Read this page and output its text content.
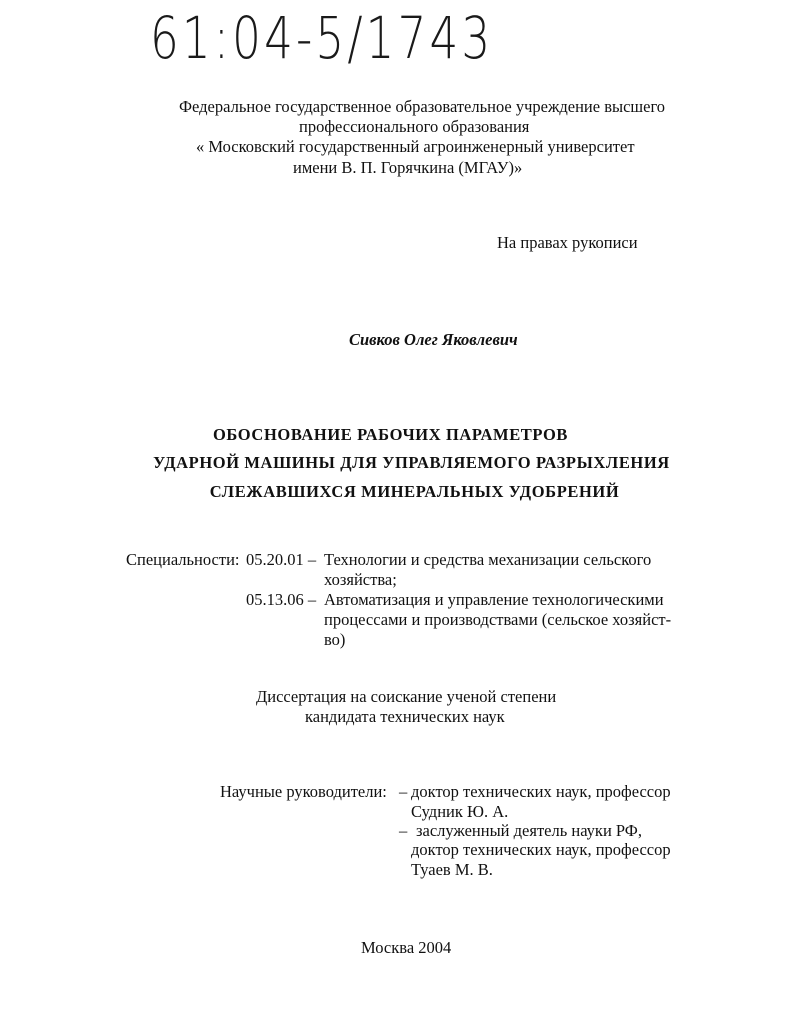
61:04-5/1743
Федеральное государственное образовательное учреждение высшего
профессионального образования
« Московский государственный агроинженерный университет
имени В. П. Горячкина (МГАУ)»
На правах рукописи
Сивков Олег Яковлевич
ОБОСНОВАНИЕ РАБОЧИХ ПАРАМЕТРОВ
УДАРНОЙ МАШИНЫ ДЛЯ УПРАВЛЯЕМОГО РАЗРЫХЛЕНИЯ
СЛЕЖАВШИХСЯ МИНЕРАЛЬНЫХ УДОБРЕНИЙ
Специальности: 05.20.01 – Технологии и средства механизации сельского
хозяйства;
05.13.06 – Автоматизация и управление технологическими
процессами и производствами (сельское хозяйст-
во)
Диссертация на соискание ученой степени
кандидата технических наук
Научные руководители: – доктор технических наук, профессор
Судник Ю. А.
– заслуженный деятель науки РФ,
доктор технических наук, профессор
Туаев М. В.
Москва 2004
